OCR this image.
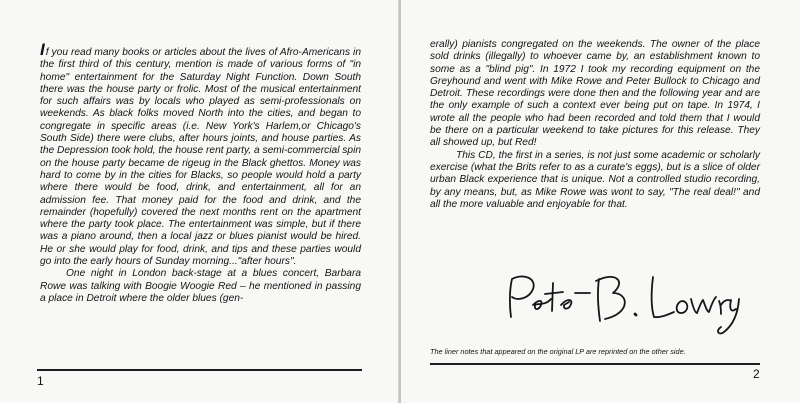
If you read many books or articles about the lives of Afro-Americans in the first third of this century, mention is made of various forms of "in home" entertainment for the Saturday Night Function. Down South there was the house party or frolic. Most of the musical entertainment for such affairs was by locals who played as semi-professionals on weekends. As black folks moved North into the cities, and began to congregate in specific areas (i.e. New York's Harlem,or Chicago's South Side) there were clubs, after hours joints, and house parties. As the Depression took hold, the house rent party, a semi-commercial spin on the house party became de rigeug in the Black ghettos. Money was hard to come by in the cities for Blacks, so people would hold a party where there would be food, drink, and entertainment, all for an admission fee. That money paid for the food and drink, and the remainder (hopefully) covered the next months rent on the apartment where the party took place. The entertainment was simple, but if there was a piano around, then a local jazz or blues pianist would be hired. He or she would play for food, drink, and tips and these parties would go into the early hours of Sunday morning..."after hours".

One night in London back-stage at a blues concert, Barbara Rowe was talking with Boogie Woogie Red – he mentioned in passing a place in Detroit where the older blues (gen-

1

erally) pianists congregated on the weekends. The owner of the place sold drinks (illegally) to whoever came by, an establishment known to some as a "blind pig". In 1972 I took my recording equipment on the Greyhound and went with Mike Rowe and Peter Bullock to Chicago and Detroit. These recordings were done then and the following year and are the only example of such a context ever being put on tape. In 1974, I wrote all the people who had been recorded and told them that I would be there on a particular weekend to take pictures for this release. They all showed up, but Red!

This CD, the first in a series, is not just some academic or scholarly exercise (what the Brits refer to as a curate's eggs), but is a slice of older urban Black experience that is unique. Not a controlled studio recording, by any means, but, as Mike Rowe was wont to say, "The real deal!" and all the more valuable and enjoyable for that.

The liner notes that appeared on the original LP are reprinted on the other side.
2
